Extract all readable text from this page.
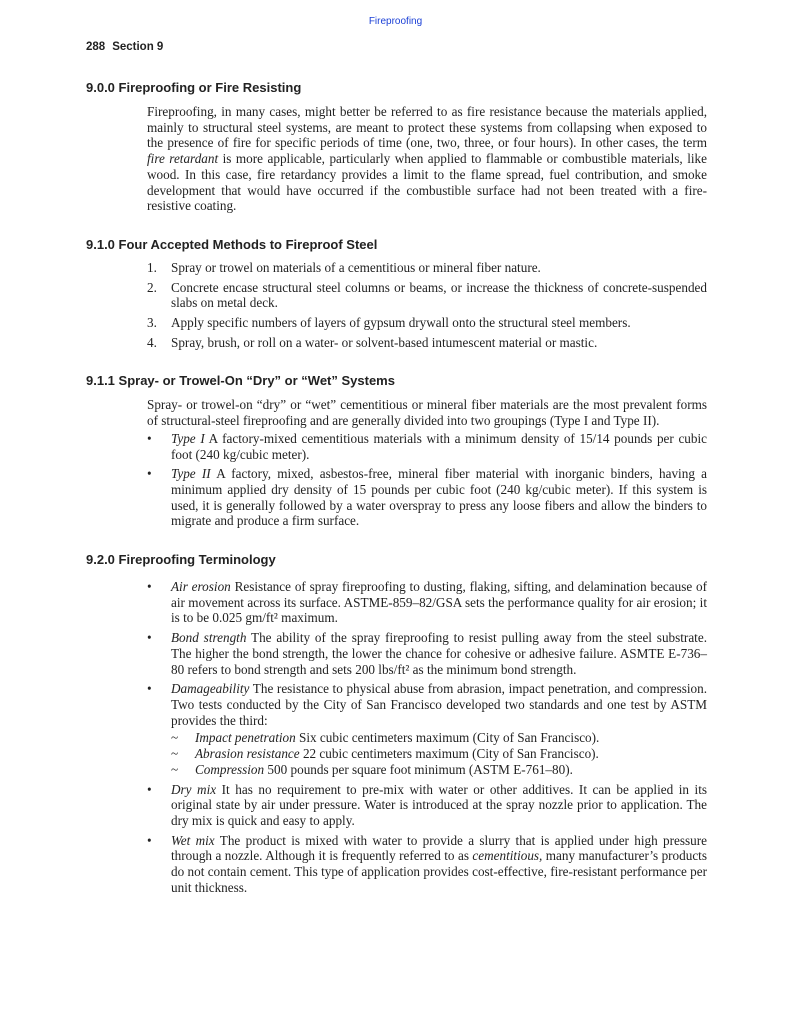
Fireproofing
288 Section 9
9.0.0 Fireproofing or Fire Resisting

Fireproofing, in many cases, might better be referred to as fire resistance because the materials applied, mainly to structural steel systems, are meant to protect these systems from collapsing when exposed to the presence of fire for specific periods of time (one, two, three, or four hours). In other cases, the term fire retardant is more applicable, particularly when applied to flammable or combustible materials, like wood. In this case, fire retardancy provides a limit to the flame spread, fuel contribution, and smoke development that would have occurred if the combustible surface had not been treated with a fire-resistive coating.

9.1.0 Four Accepted Methods to Fireproof Steel
1. Spray or trowel on materials of a cementitious or mineral fiber nature.
2. Concrete encase structural steel columns or beams, or increase the thickness of concrete-suspended slabs on metal deck.
3. Apply specific numbers of layers of gypsum drywall onto the structural steel members.
4. Spray, brush, or roll on a water- or solvent-based intumescent material or mastic.
9.1.1 Spray- or Trowel-On “Dry” or “Wet” Systems

Spray- or trowel-on “dry” or “wet” cementitious or mineral fiber materials are the most prevalent forms of structural-steel fireproofing and are generally divided into two groupings (Type I and Type II).

• Type I A factory-mixed cementitious materials with a minimum density of 15/14 pounds per cubic foot (240 kg/cubic meter).
• Type II A factory, mixed, asbestos-free, mineral fiber material with inorganic binders, having a minimum applied dry density of 15 pounds per cubic foot (240 kg/cubic meter). If this system is used, it is generally followed by a water overspray to press any loose fibers and allow the binders to migrate and produce a firm surface.
9.2.0 Fireproofing Terminology
• Air erosion Resistance of spray fireproofing to dusting, flaking, sifting, and delamination because of air movement across its surface. ASTME-859–82/GSA sets the performance quality for air erosion; it is to be 0.025 gm/ft² maximum.
• Bond strength The ability of the spray fireproofing to resist pulling away from the steel substrate. The higher the bond strength, the lower the chance for cohesive or adhesive failure. ASMTE E-736–80 refers to bond strength and sets 200 lbs/ft² as the minimum bond strength.
• Damageability The resistance to physical abuse from abrasion, impact penetration, and compression. Two tests conducted by the City of San Francisco developed two standards and one test by ASTM provides the third:
~ Impact penetration Six cubic centimeters maximum (City of San Francisco).
~ Abrasion resistance 22 cubic centimeters maximum (City of San Francisco).
~ Compression 500 pounds per square foot minimum (ASTM E-761–80).
• Dry mix It has no requirement to pre-mix with water or other additives. It can be applied in its original state by air under pressure. Water is introduced at the spray nozzle prior to application. The dry mix is quick and easy to apply.
• Wet mix The product is mixed with water to provide a slurry that is applied under high pressure through a nozzle. Although it is frequently referred to as cementitious, many manufacturer’s products do not contain cement. This type of application provides cost-effective, fire-resistant performance per unit thickness.
